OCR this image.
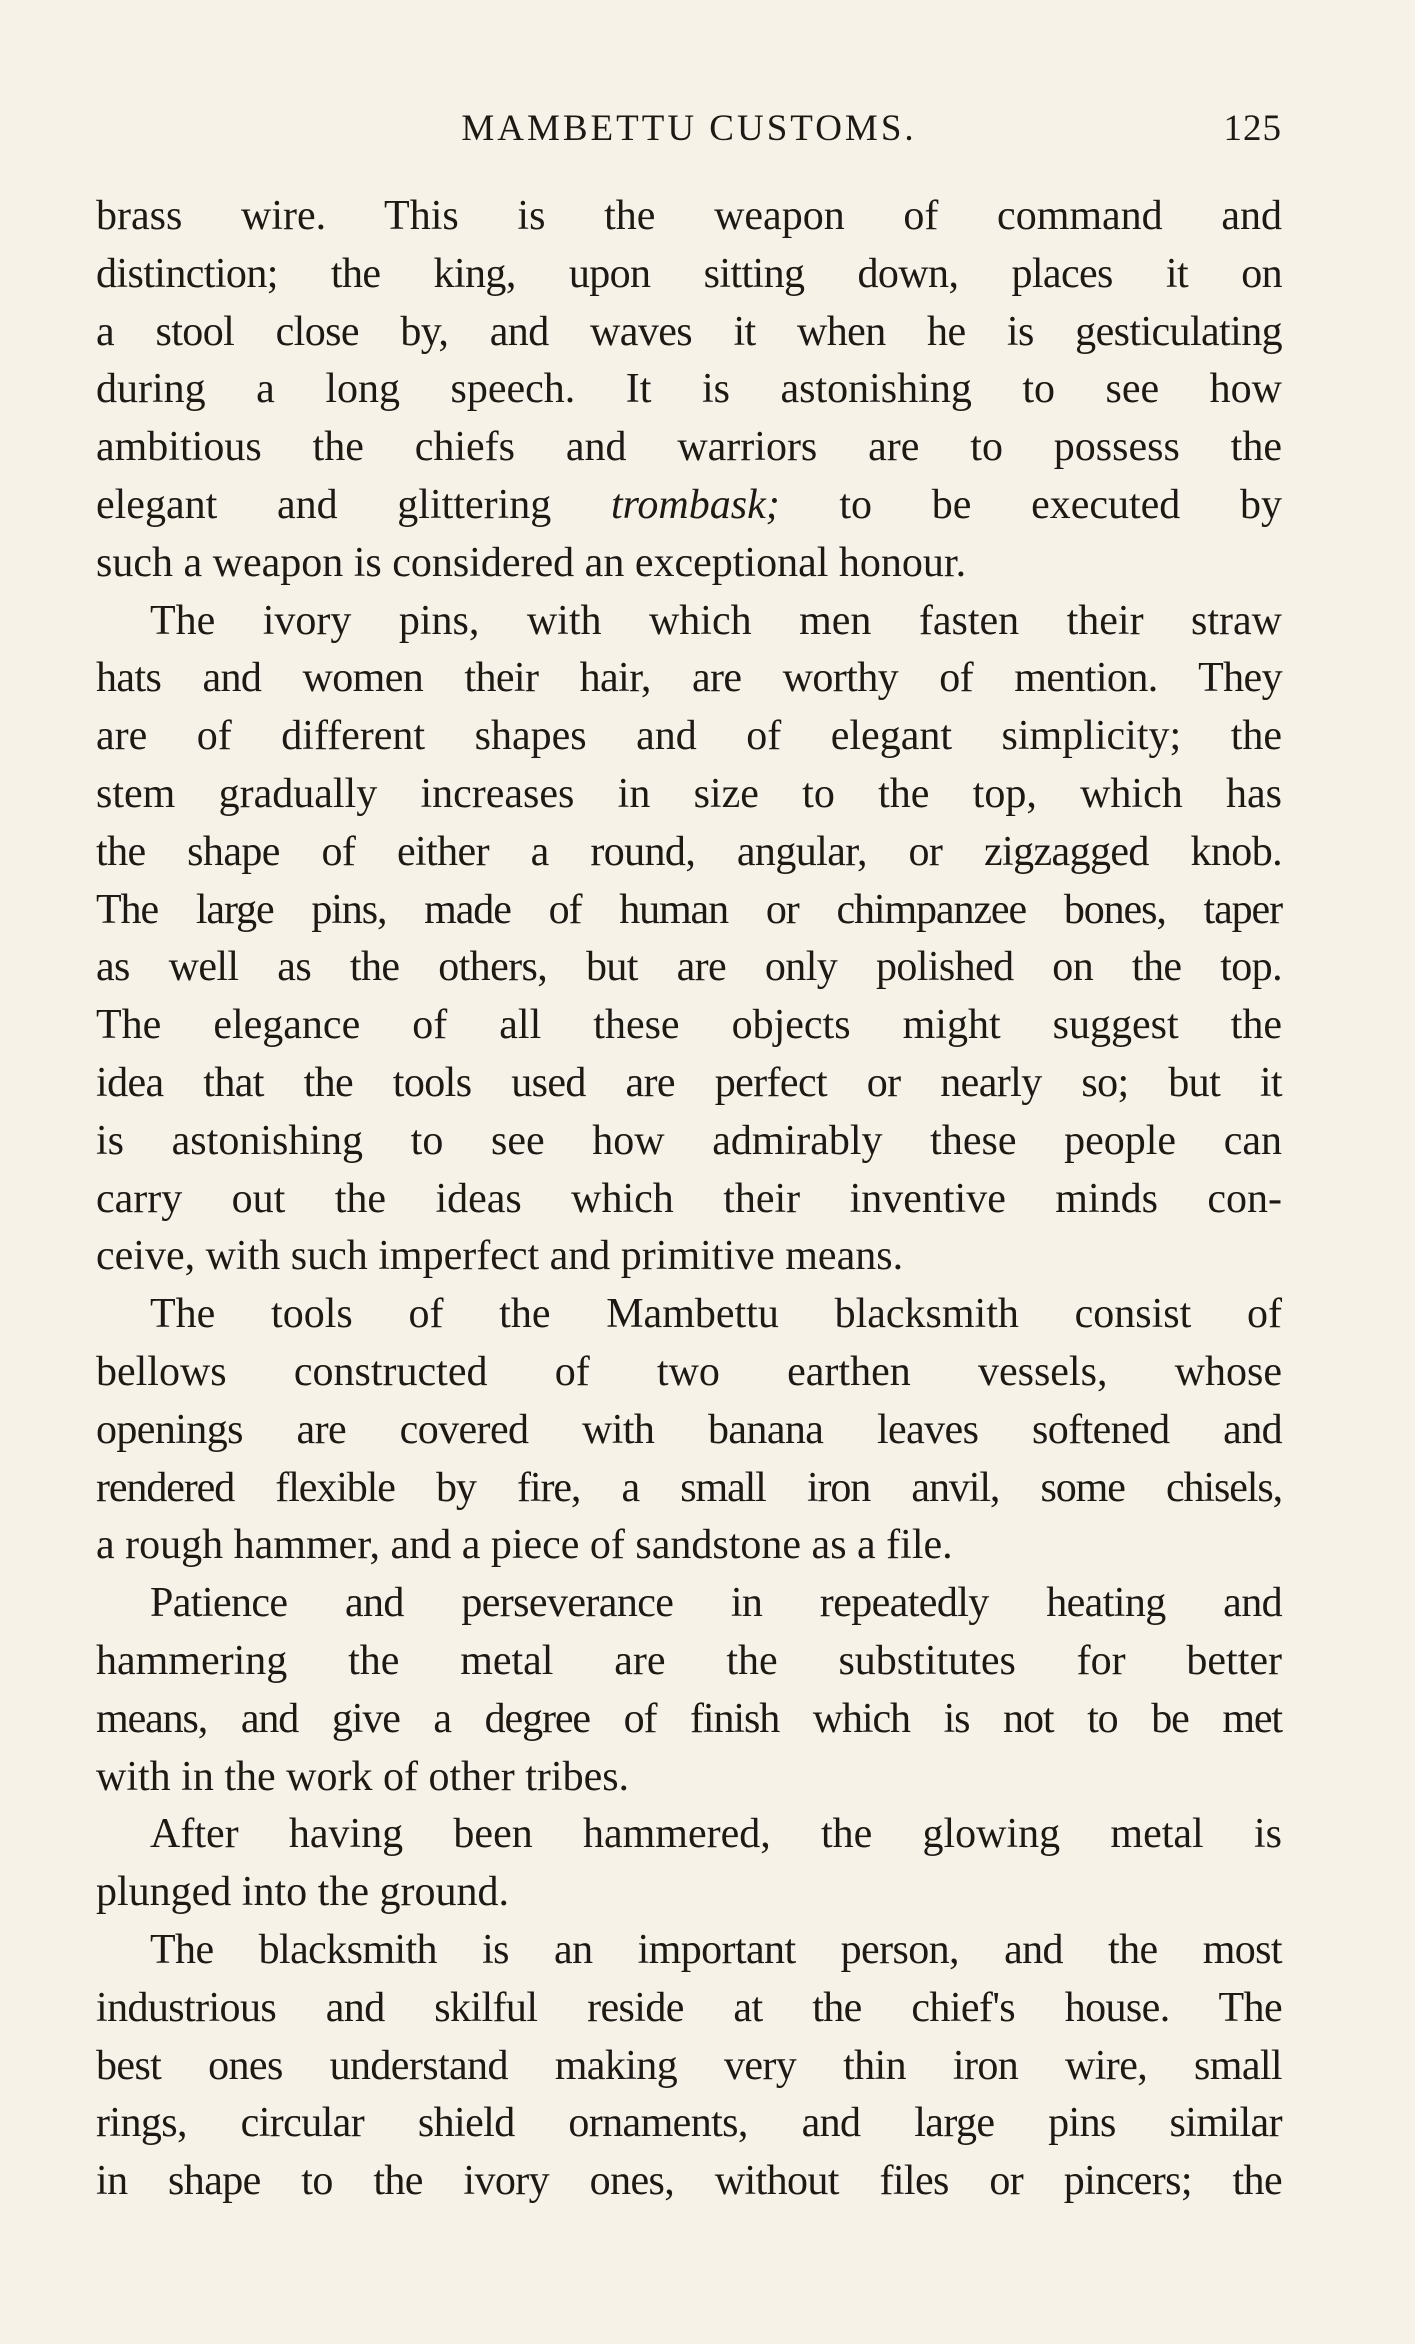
MAMBETTU CUSTOMS.	125

brass wire. This is the weapon of command and
distinction; the king, upon sitting down, places it on
a stool close by, and waves it when he is gesticulating
during a long speech. It is astonishing to see how
ambitious the chiefs and warriors are to possess the
elegant and glittering trombask; to be executed by
such a weapon is considered an exceptional honour.

The ivory pins, with which men fasten their straw
hats and women their hair, are worthy of mention. They
are of different shapes and of elegant simplicity; the
stem gradually increases in size to the top, which has
the shape of either a round, angular, or zigzagged knob.
The large pins, made of human or chimpanzee bones, taper
as well as the others, but are only polished on the top.
The elegance of all these objects might suggest the
idea that the tools used are perfect or nearly so; but it
is astonishing to see how admirably these people can
carry out the ideas which their inventive minds con-
ceive, with such imperfect and primitive means.

The tools of the Mambettu blacksmith consist of
bellows constructed of two earthen vessels, whose
openings are covered with banana leaves softened and
rendered flexible by fire, a small iron anvil, some chisels,
a rough hammer, and a piece of sandstone as a file.

Patience and perseverance in repeatedly heating and
hammering the metal are the substitutes for better
means, and give a degree of finish which is not to be met
with in the work of other tribes.

After having been hammered, the glowing metal is
plunged into the ground.

The blacksmith is an important person, and the most
industrious and skilful reside at the chief's house. The
best ones understand making very thin iron wire, small
rings, circular shield ornaments, and large pins similar
in shape to the ivory ones, without files or pincers; the
